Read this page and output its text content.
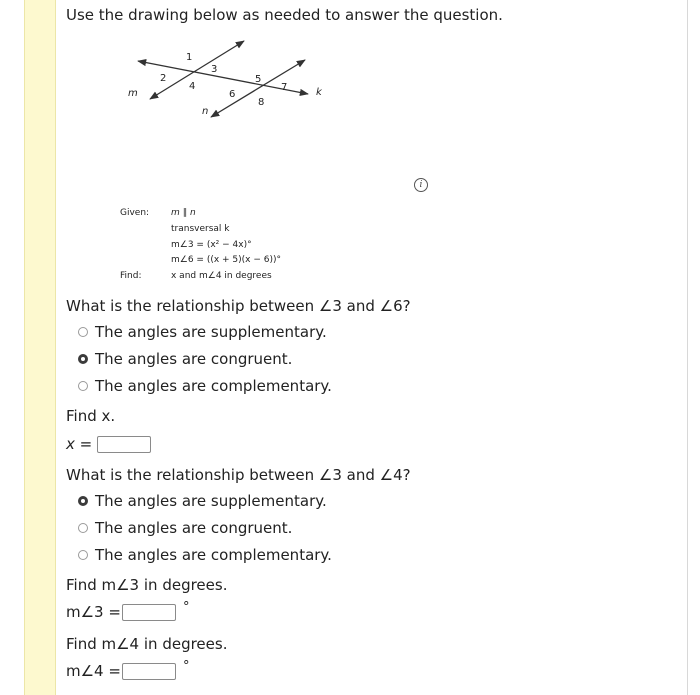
Use the drawing below as needed to answer the question.
1
2
3
4
5
6
7
8
m
n
k
i
Given: m ∥ n
transversal k
m∠3 = (x² − 4x)°
m∠6 = ((x + 5)(x − 6))°
Find:	x and m∠4 in degrees
What is the relationship between ∠3 and ∠6?
The angles are supplementary.
The angles are congruent.
The angles are complementary.
Find x.
x =
What is the relationship between ∠3 and ∠4?
The angles are supplementary.
The angles are congruent.
The angles are complementary.
Find m∠3 in degrees.
m∠3 =	°
Find m∠4 in degrees.
m∠4 =	°
